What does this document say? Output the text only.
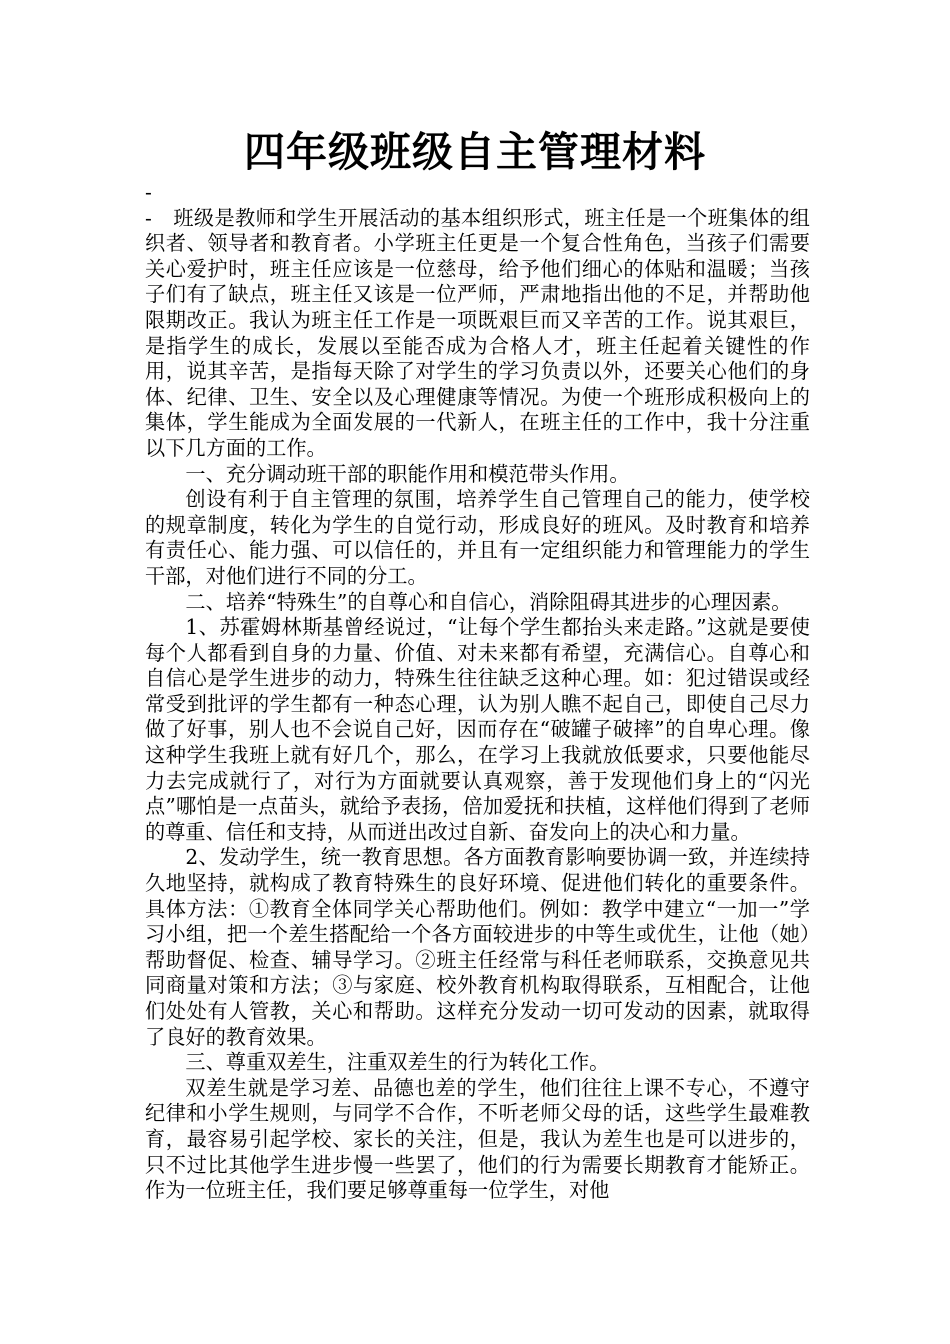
四年级班级自主管理材料

-

- 班级是教师和学生开展活动的基本组织形式，班主任是一个班集体的组织者、领导者和教育者。小学班主任更是一个复合性角色，当孩子们需要关心爱护时，班主任应该是一位慈母，给予他们细心的体贴和温暖；当孩子们有了缺点，班主任又该是一位严师，严肃地指出他的不足，并帮助他限期改正。我认为班主任工作是一项既艰巨而又辛苦的工作。说其艰巨，是指学生的成长，发展以至能否成为合格人才，班主任起着关键性的作用，说其辛苦，是指每天除了对学生的学习负责以外，还要关心他们的身体、纪律、卫生、安全以及心理健康等情况。为使一个班形成积极向上的集体，学生能成为全面发展的一代新人，在班主任的工作中，我十分注重以下几方面的工作。

一、充分调动班干部的职能作用和模范带头作用。

创设有利于自主管理的氛围，培养学生自己管理自己的能力，使学校的规章制度，转化为学生的自觉行动，形成良好的班风。及时教育和培养有责任心、能力强、可以信任的，并且有一定组织能力和管理能力的学生干部，对他们进行不同的分工。

二、培养“特殊生”的自尊心和自信心，消除阻碍其进步的心理因素。

1、苏霍姆林斯基曾经说过，“让每个学生都抬头来走路。”这就是要使每个人都看到自身的力量、价值、对未来都有希望，充满信心。自尊心和自信心是学生进步的动力，特殊生往往缺乏这种心理。如：犯过错误或经常受到批评的学生都有一种态心理，认为别人瞧不起自己，即使自己尽力做了好事，别人也不会说自己好，因而存在“破罐子破摔”的自卑心理。像这种学生我班上就有好几个，那么，在学习上我就放低要求，只要他能尽力去完成就行了，对行为方面就要认真观察，善于发现他们身上的“闪光点”哪怕是一点苗头，就给予表扬，倍加爱抚和扶植，这样他们得到了老师的尊重、信任和支持，从而迸出改过自新、奋发向上的决心和力量。

2、发动学生，统一教育思想。各方面教育影响要协调一致，并连续持久地坚持，就构成了教育特殊生的良好环境、促进他们转化的重要条件。具体方法：①教育全体同学关心帮助他们。例如：教学中建立“一加一”学习小组，把一个差生搭配给一个各方面较进步的中等生或优生，让他（她）帮助督促、检查、辅导学习。②班主任经常与科任老师联系，交换意见共同商量对策和方法；③与家庭、校外教育机构取得联系，互相配合，让他们处处有人管教，关心和帮助。这样充分发动一切可发动的因素，就取得了良好的教育效果。

三、尊重双差生，注重双差生的行为转化工作。

双差生就是学习差、品德也差的学生，他们往往上课不专心，不遵守纪律和小学生规则，与同学不合作，不听老师父母的话，这些学生最难教育，最容易引起学校、家长的关注，但是，我认为差生也是可以进步的，只不过比其他学生进步慢一些罢了，他们的行为需要长期教育才能矫正。作为一位班主任，我们要足够尊重每一位学生，对他
